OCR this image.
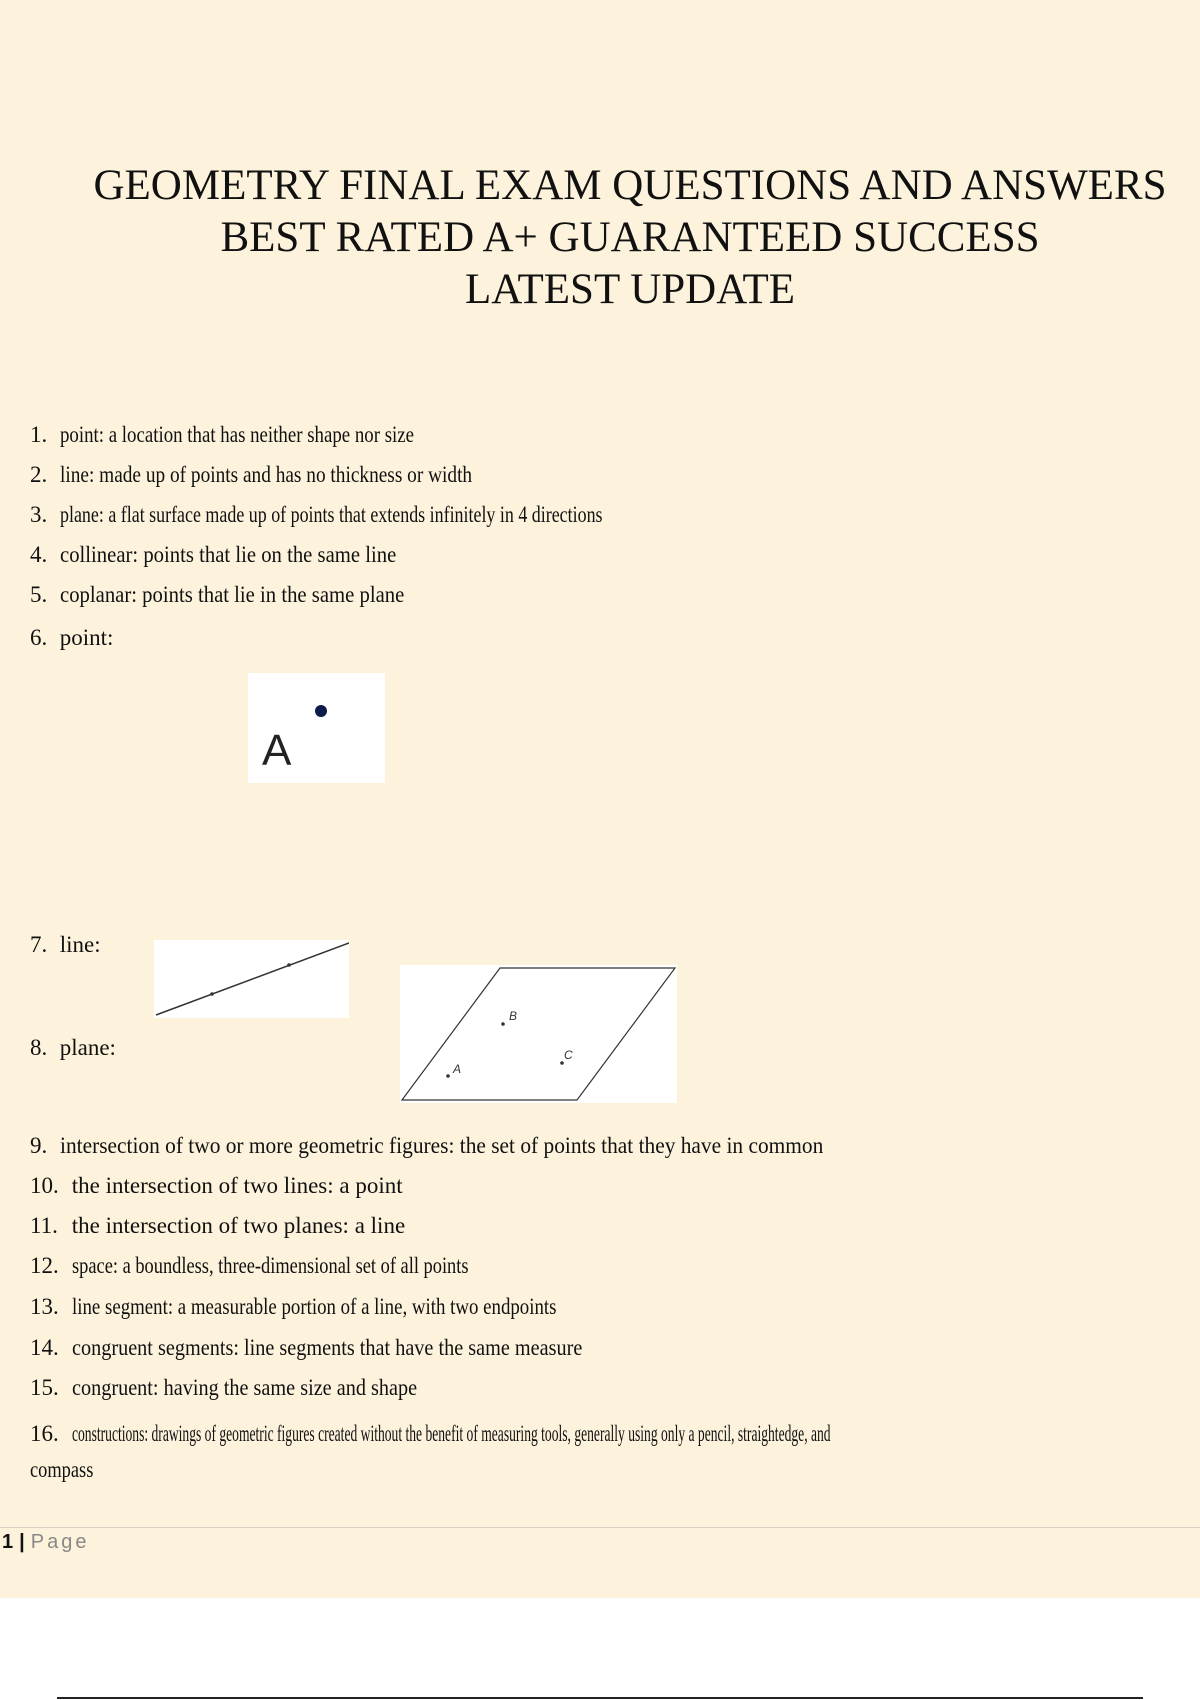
GEOMETRY FINAL EXAM QUESTIONS AND ANSWERS
BEST RATED A+ GUARANTEED SUCCESS
LATEST UPDATE
1. point: a location that has neither shape nor size
2. line: made up of points and has no thickness or width
3. plane: a flat surface made up of points that extends infinitely in 4 directions
4. collinear: points that lie on the same line
5. coplanar: points that lie in the same plane
6. point:
A
7. line:
8. plane:
B
C
A
9. intersection of two or more geometric figures: the set of points that they have in common
10. the intersection of two lines: a point
11. the intersection of two planes: a line
12. space: a boundless, three-dimensional set of all points
13. line segment: a measurable portion of a line, with two endpoints
14. congruent segments: line segments that have the same measure
15. congruent: having the same size and shape
16. constructions: drawings of geometric figures created without the benefit of measuring tools, generally using only a pencil, straightedge, and
compass
1 | Page
